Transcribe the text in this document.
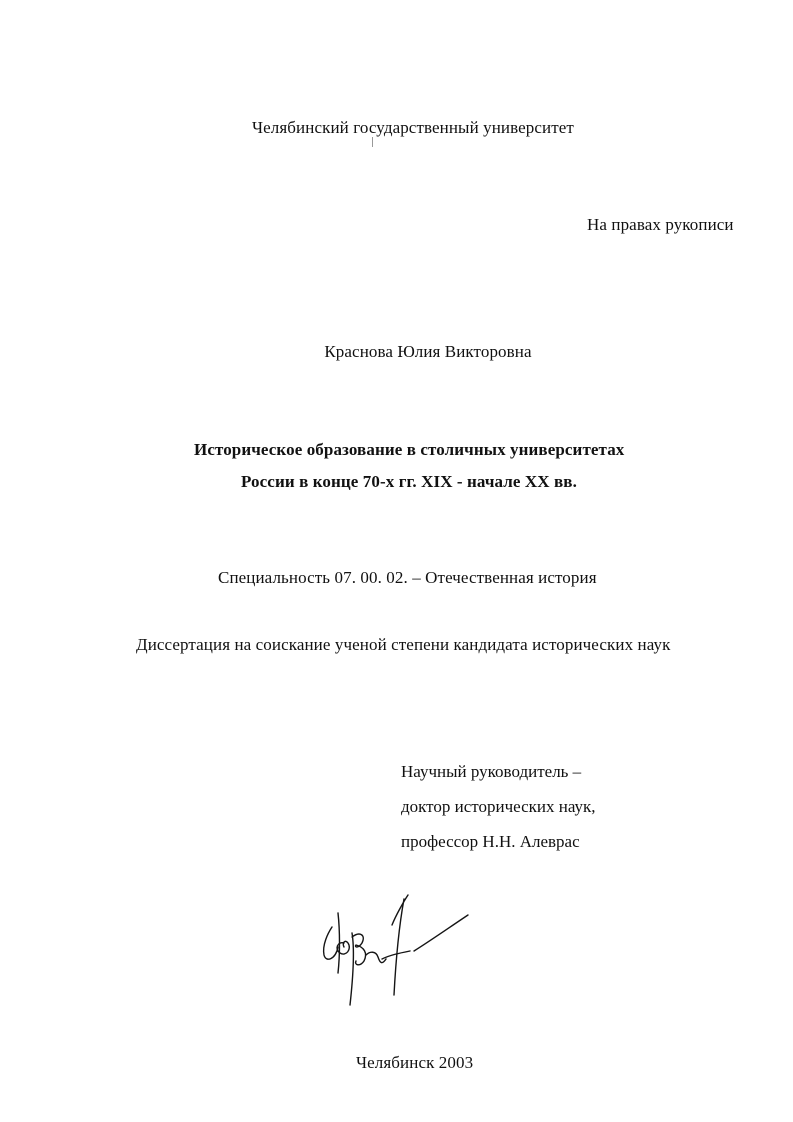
Челябинский государственный университет
На правах рукописи
Краснова Юлия Викторовна
Историческое образование в столичных университетах
России в конце 70-х гг. XIX - начале XX вв.
Специальность 07. 00. 02. – Отечественная история
Диссертация на соискание ученой степени кандидата исторических наук
Научный руководитель –
доктор исторических наук,
профессор Н.Н. Алеврас
Челябинск 2003
